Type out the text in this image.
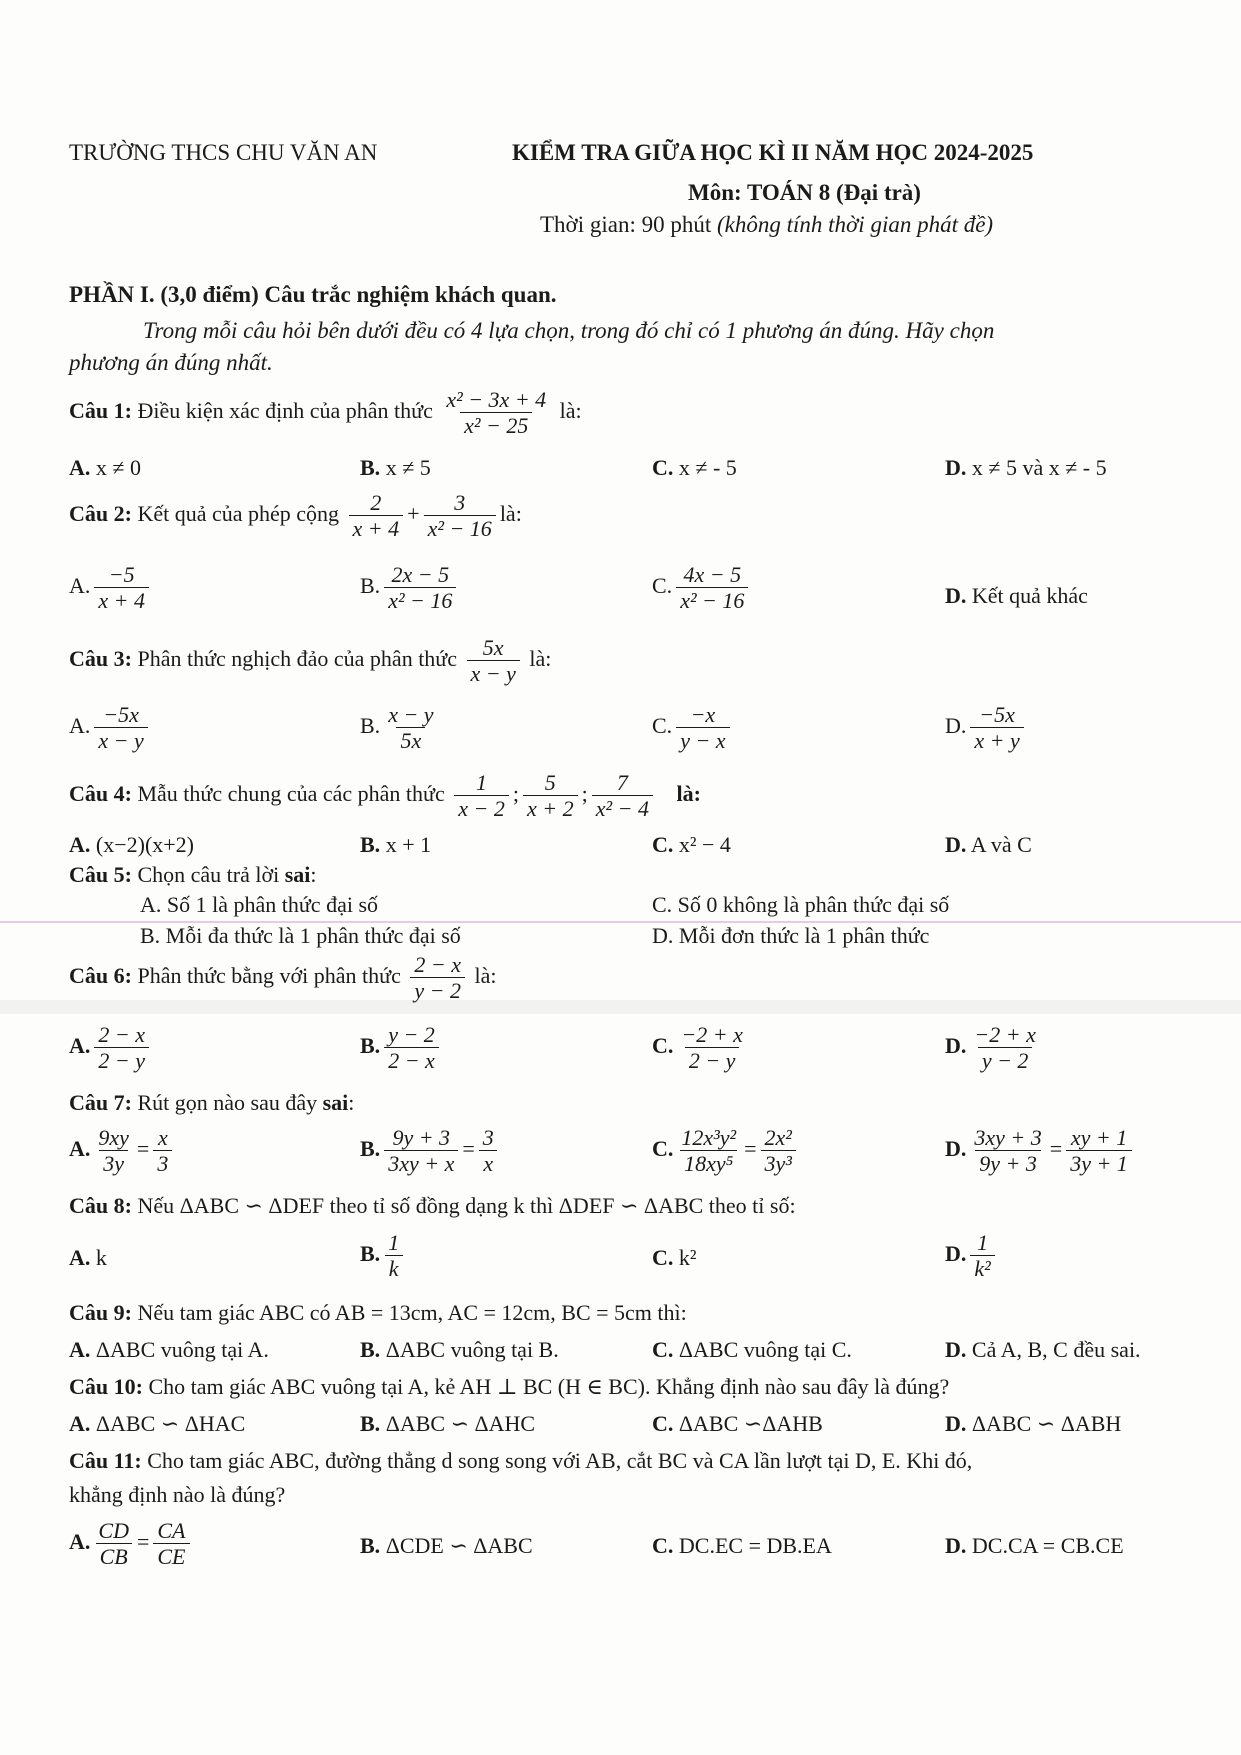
TRƯỜNG THCS CHU VĂN AN	KIỂM TRA GIỮA HỌC KÌ II NĂM HỌC 2024-2025
Môn: TOÁN 8 (Đại trà)
Thời gian: 90 phút (không tính thời gian phát đề)
PHẦN I. (3,0 điểm) Câu trắc nghiệm khách quan.
Trong mỗi câu hỏi bên dưới đều có 4 lựa chọn, trong đó chỉ có 1 phương án đúng. Hãy chọn
phương án đúng nhất.
Câu 1: Điều kiện xác định của phân thức $\frac{\text{x² − 3x + 4}}{\text{x² − 25}}$ là:
A. x ≠ 0	B. x ≠ 5	C. x ≠ - 5	D. x ≠ 5 và x ≠ - 5
Câu 2: Kết quả của phép cộng $\frac{2}{x + 4} + \frac{3}{\text{x² − 16}}$ là:
A. $\frac{-5}{x + 4}$	B. $\frac{2x - 5}{\text{x² − 16}}$	C. $\frac{4x - 5}{\text{x² − 16}}$	D. Kết quả khác
Câu 3: Phân thức nghịch đảo của phân thức $\frac{5x}{x - y}$ là:
A. $\frac{-5x}{x - y}$	B. $\frac{x - y}{5x}$	C. $\frac{-x}{y - x}$	D. $\frac{-5x}{x + y}$
Câu 4: Mẫu thức chung của các phân thức $\frac{1}{x - 2}$ ; $\frac{5}{x + 2}$ ; $\frac{7}{\text{x² − 4}}$ là:
A. (x−2)(x+2)	B. x + 1	C. x² − 4	D. A và C
Câu 5: Chọn câu trả lời sai:
A. Số 1 là phân thức đại số	C. Số 0 không là phân thức đại số
B. Mỗi đa thức là 1 phân thức đại số	D. Mỗi đơn thức là 1 phân thức
Câu 6: Phân thức bằng với phân thức $\frac{2 - x}{y - 2}$ là:
A. $\frac{2 - x}{2 - y}$	B. $\frac{y - 2}{2 - x}$	C. $\frac{-2 + x}{2 - y}$	D. $\frac{-2 + x}{y - 2}$
Câu 7: Rút gọn nào sau đây sai:
A. $\frac{9xy}{3y} = \frac{x}{3}$	B. $\frac{9y + 3}{3xy + x} = \frac{3}{x}$	C. $\frac{\text{12x³y²}}{\text{18xy⁵}} = \frac{\text{2x²}}{\text{3y³}}$	D. $\frac{3xy + 3}{9y + 3} = \frac{xy + 1}{3y + 1}$
Câu 8: Nếu ΔABC ∽ ΔDEF theo tỉ số đồng dạng k thì ΔDEF ∽ ΔABC theo tỉ số:
A. k	B. $\frac{1}{k}$	C. k²	D. $\frac{1}{\text{k²}}$
Câu 9: Nếu tam giác ABC có AB = 13cm, AC = 12cm, BC = 5cm thì:
A. ΔABC vuông tại A.	B. ΔABC vuông tại B.	C. ΔABC vuông tại C.	D. Cả A, B, C đều sai.
Câu 10: Cho tam giác ABC vuông tại A, kẻ AH ⊥ BC (H ∈ BC). Khẳng định nào sau đây là đúng?
A. ΔABC ∽ ΔHAC	B. ΔABC ∽ ΔAHC	C. ΔABC ∽ΔAHB	D. ΔABC ∽ ΔABH
Câu 11: Cho tam giác ABC, đường thẳng d song song với AB, cắt BC và CA lần lượt tại D, E. Khi đó,
khẳng định nào là đúng?
A. $\frac{CD}{CB} = \frac{CA}{CE}$	B. ΔCDE ∽ ΔABC	C. DC.EC = DB.EA	D. DC.CA = CB.CE
